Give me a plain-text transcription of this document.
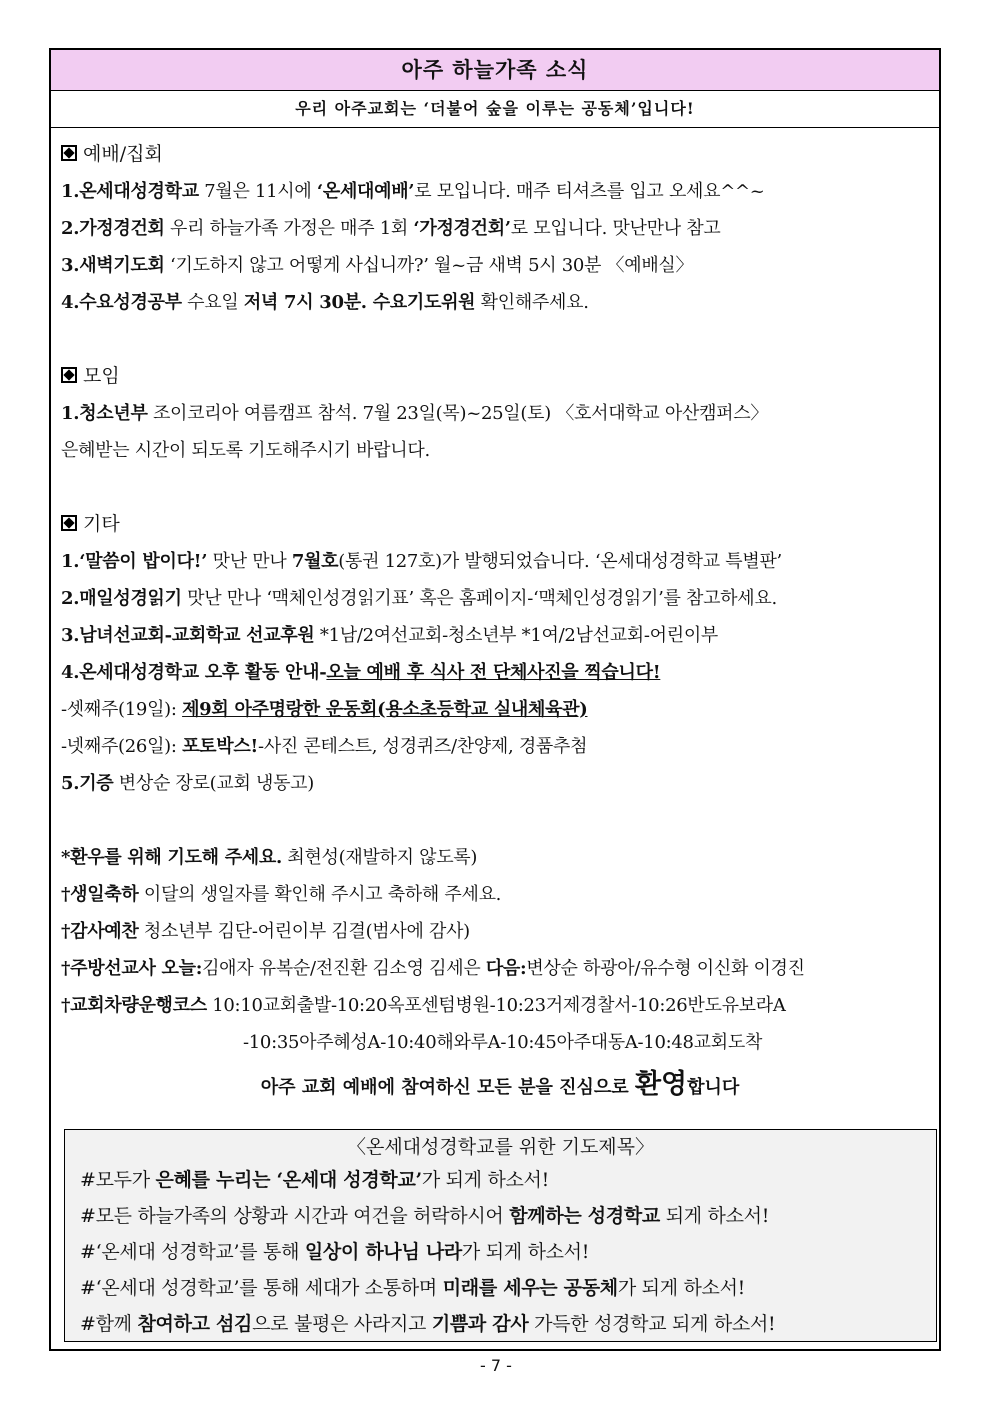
아주 하늘가족 소식
우리 아주교회는 ‘더불어 숲을 이루는 공동체’입니다!
예배/집회
1.온세대성경학교 7월은 11시에 ‘온세대예배’로 모입니다. 매주 티셔츠를 입고 오세요^^~
2.가정경건회 우리 하늘가족 가정은 매주 1회 ‘가정경건회’로 모입니다. 맛난만나 참고
3.새벽기도회 ‘기도하지 않고 어떻게 사십니까?’ 월~금 새벽 5시 30분 〈예배실〉
4.수요성경공부 수요일 저녁 7시 30분. 수요기도위원 확인해주세요.
모임
1.청소년부 조이코리아 여름캠프 참석. 7월 23일(목)~25일(토) 〈호서대학교 아산캠퍼스〉
은혜받는 시간이 되도록 기도해주시기 바랍니다.
기타
1.‘말씀이 밥이다!’ 맛난 만나 7월호(통권 127호)가 발행되었습니다. ‘온세대성경학교 특별판’
2.매일성경읽기 맛난 만나 ‘맥체인성경읽기표’ 혹은 홈페이지-‘맥체인성경읽기’를 참고하세요.
3.남녀선교회-교회학교 선교후원 *1남/2여선교회-청소년부 *1여/2남선교회-어린이부
4.온세대성경학교 오후 활동 안내-오늘 예배 후 식사 전 단체사진을 찍습니다!
-셋째주(19일): 제9회 아주명랑한 운동회(용소초등학교 실내체육관)
-넷째주(26일): 포토박스!-사진 콘테스트, 성경퀴즈/찬양제, 경품추첨
5.기증 변상순 장로(교회 냉동고)
*환우를 위해 기도해 주세요. 최현성(재발하지 않도록)
†생일축하 이달의 생일자를 확인해 주시고 축하해 주세요.
†감사예찬 청소년부 김단-어린이부 김결(범사에 감사)
†주방선교사 오늘:김애자 유복순/전진환 김소영 김세은 다음:변상순 하광아/유수형 이신화 이경진
†교회차량운행코스 10:10교회출발-10:20옥포센텀병원-10:23거제경찰서-10:26반도유보라A
-10:35아주혜성A-10:40해와루A-10:45아주대동A-10:48교회도착
아주 교회 예배에 참여하신 모든 분을 진심으로 환영합니다
〈온세대성경학교를 위한 기도제목〉
#모두가 은혜를 누리는 ‘온세대 성경학교’가 되게 하소서!
#모든 하늘가족의 상황과 시간과 여건을 허락하시어 함께하는 성경학교 되게 하소서!
#‘온세대 성경학교’를 통해 일상이 하나님 나라가 되게 하소서!
#‘온세대 성경학교’를 통해 세대가 소통하며 미래를 세우는 공동체가 되게 하소서!
#함께 참여하고 섬김으로 불평은 사라지고 기쁨과 감사 가득한 성경학교 되게 하소서!
- 7 -
